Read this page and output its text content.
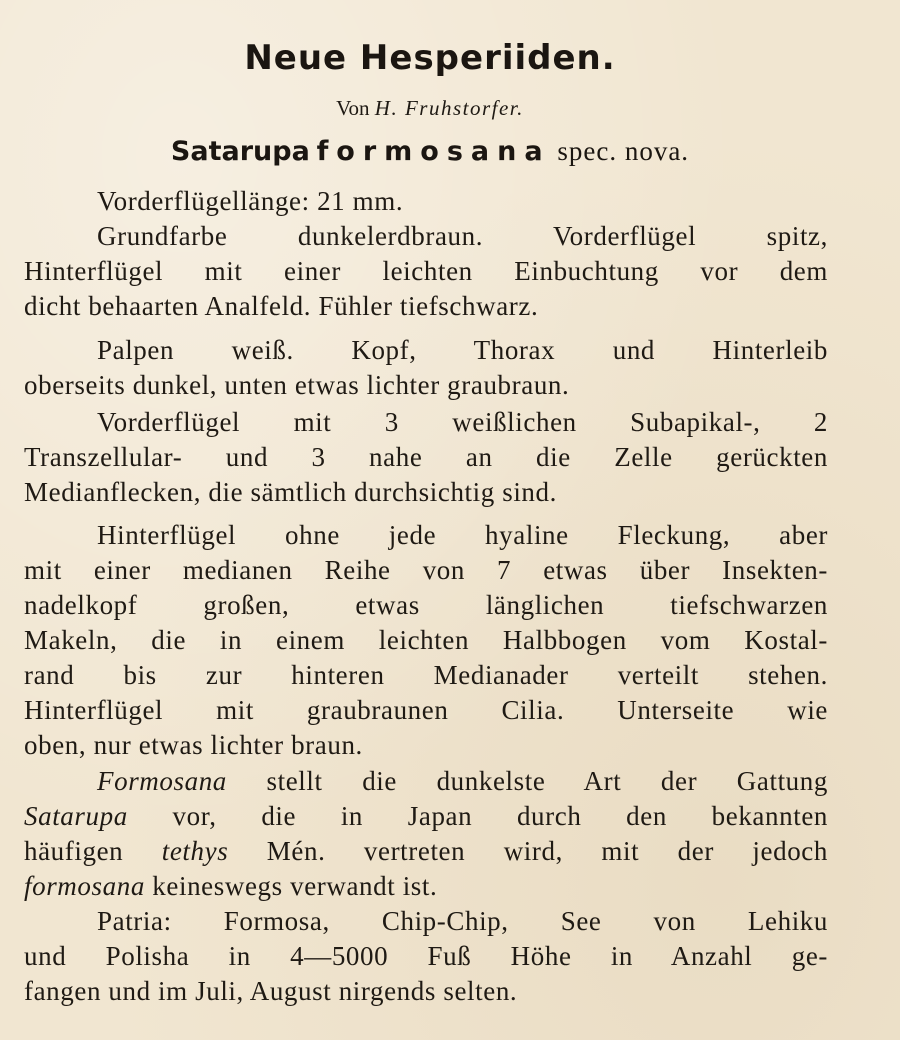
Neue Hesperiiden.
Von H. Fruhstorfer.
Satarupa formosana spec. nova.
Vorderflügellänge: 21 mm.
Grundfarbe dunkelerdbraun. Vorderflügel spitz,
Hinterflügel mit einer leichten Einbuchtung vor dem
dicht behaarten Analfeld. Fühler tiefschwarz.
Palpen weiß. Kopf, Thorax und Hinterleib
oberseits dunkel, unten etwas lichter graubraun.
Vorderflügel mit 3 weißlichen Subapikal-, 2
Transzellular- und 3 nahe an die Zelle gerückten
Medianflecken, die sämtlich durchsichtig sind.
Hinterflügel ohne jede hyaline Fleckung, aber
mit einer medianen Reihe von 7 etwas über Insekten-
nadelkopf großen, etwas länglichen tiefschwarzen
Makeln, die in einem leichten Halbbogen vom Kostal-
rand bis zur hinteren Medianader verteilt stehen.
Hinterflügel mit graubraunen Cilia. Unterseite wie
oben, nur etwas lichter braun.
Formosana stellt die dunkelste Art der Gattung
Satarupa vor, die in Japan durch den bekannten
häufigen tethys Mén. vertreten wird, mit der jedoch
formosana keineswegs verwandt ist.
Patria: Formosa, Chip-Chip, See von Lehiku
und Polisha in 4—5000 Fuß Höhe in Anzahl ge-
fangen und im Juli, August nirgends selten.
